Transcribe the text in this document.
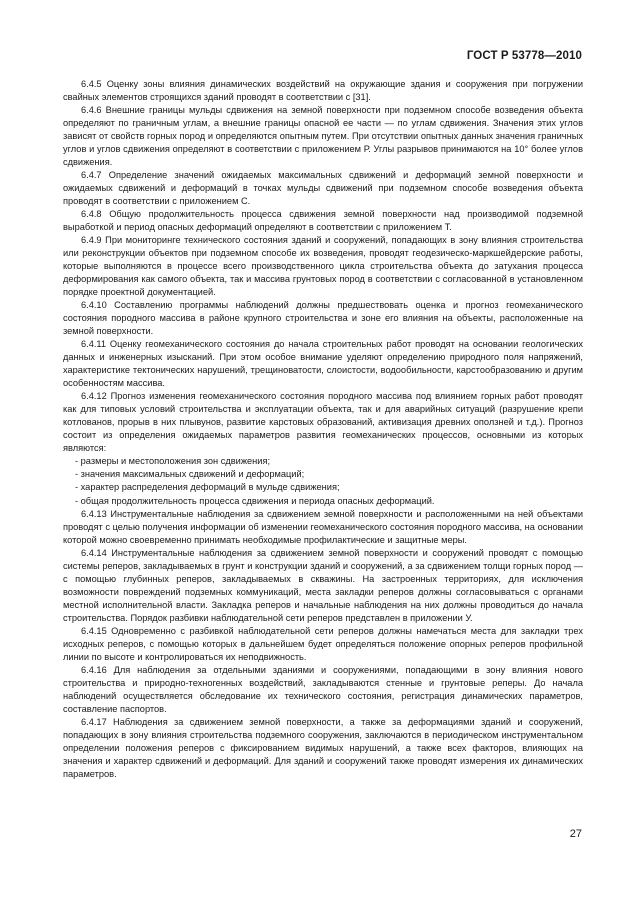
ГОСТ Р 53778—2010

6.4.5 Оценку зоны влияния динамических воздействий на окружающие здания и сооружения при погружении свайных элементов строящихся зданий проводят в соответствии с [31].

6.4.6 Внешние границы мульды сдвижения на земной поверхности при подземном способе возведения объекта определяют по граничным углам, а внешние границы опасной ее части — по углам сдвижения. Значения этих углов зависят от свойств горных пород и определяются опытным путем. При отсутствии опытных данных значения граничных углов и углов сдвижения определяют в соответствии с приложением Р. Углы разрывов принимаются на 10° более углов сдвижения.

6.4.7 Определение значений ожидаемых максимальных сдвижений и деформаций земной поверхности и ожидаемых сдвижений и деформаций в точках мульды сдвижений при подземном способе возведения объекта проводят в соответствии с приложением С.

6.4.8 Общую продолжительность процесса сдвижения земной поверхности над производимой подземной выработкой и период опасных деформаций определяют в соответствии с приложением Т.

6.4.9 При мониторинге технического состояния зданий и сооружений, попадающих в зону влияния строительства или реконструкции объектов при подземном способе их возведения, проводят геодезическо-маркшейдерские работы, которые выполняются в процессе всего производственного цикла строительства объекта до затухания процесса деформирования как самого объекта, так и массива грунтовых пород в соответствии с согласованной в установленном порядке проектной документацией.

6.4.10 Составлению программы наблюдений должны предшествовать оценка и прогноз геомеханического состояния породного массива в районе крупного строительства и зоне его влияния на объекты, расположенные на земной поверхности.

6.4.11 Оценку геомеханического состояния до начала строительных работ проводят на основании геологических данных и инженерных изысканий. При этом особое внимание уделяют определению природного поля напряжений, характеристике тектонических нарушений, трещиноватости, слоистости, водообильности, карстообразованию и другим особенностям массива.

6.4.12 Прогноз изменения геомеханического состояния породного массива под влиянием горных работ проводят как для типовых условий строительства и эксплуатации объекта, так и для аварийных ситуаций (разрушение крепи котлованов, прорыв в них плывунов, развитие карстовых образований, активизация древних оползней и т.д.). Прогноз состоит из определения ожидаемых параметров развития геомеханических процессов, основными из которых являются:

- размеры и местоположения зон сдвижения;
- значения максимальных сдвижений и деформаций;
- характер распределения деформаций в мульде сдвижения;
- общая продолжительность процесса сдвижения и периода опасных деформаций.

6.4.13 Инструментальные наблюдения за сдвижением земной поверхности и расположенными на ней объектами проводят с целью получения информации об изменении геомеханического состояния породного массива, на основании которой можно своевременно принимать необходимые профилактические и защитные меры.

6.4.14 Инструментальные наблюдения за сдвижением земной поверхности и сооружений проводят с помощью системы реперов, закладываемых в грунт и конструкции зданий и сооружений, а за сдвижением толщи горных пород — с помощью глубинных реперов, закладываемых в скважины. На застроенных территориях, для исключения возможности повреждений подземных коммуникаций, места закладки реперов должны согласовываться с органами местной исполнительной власти. Закладка реперов и начальные наблюдения на них должны проводиться до начала строительства. Порядок разбивки наблюдательной сети реперов представлен в приложении У.

6.4.15 Одновременно с разбивкой наблюдательной сети реперов должны намечаться места для закладки трех исходных реперов, с помощью которых в дальнейшем будет определяться положение опорных реперов профильной линии по высоте и контролироваться их неподвижность.

6.4.16 Для наблюдения за отдельными зданиями и сооружениями, попадающими в зону влияния нового строительства и природно-техногенных воздействий, закладываются стенные и грунтовые реперы. До начала наблюдений осуществляется обследование их технического состояния, регистрация динамических параметров, составление паспортов.

6.4.17 Наблюдения за сдвижением земной поверхности, а также за деформациями зданий и сооружений, попадающих в зону влияния строительства подземного сооружения, заключаются в периодическом инструментальном определении положения реперов с фиксированием видимых нарушений, а также всех факторов, влияющих на значения и характер сдвижений и деформаций. Для зданий и сооружений также проводят измерения их динамических параметров.

27
